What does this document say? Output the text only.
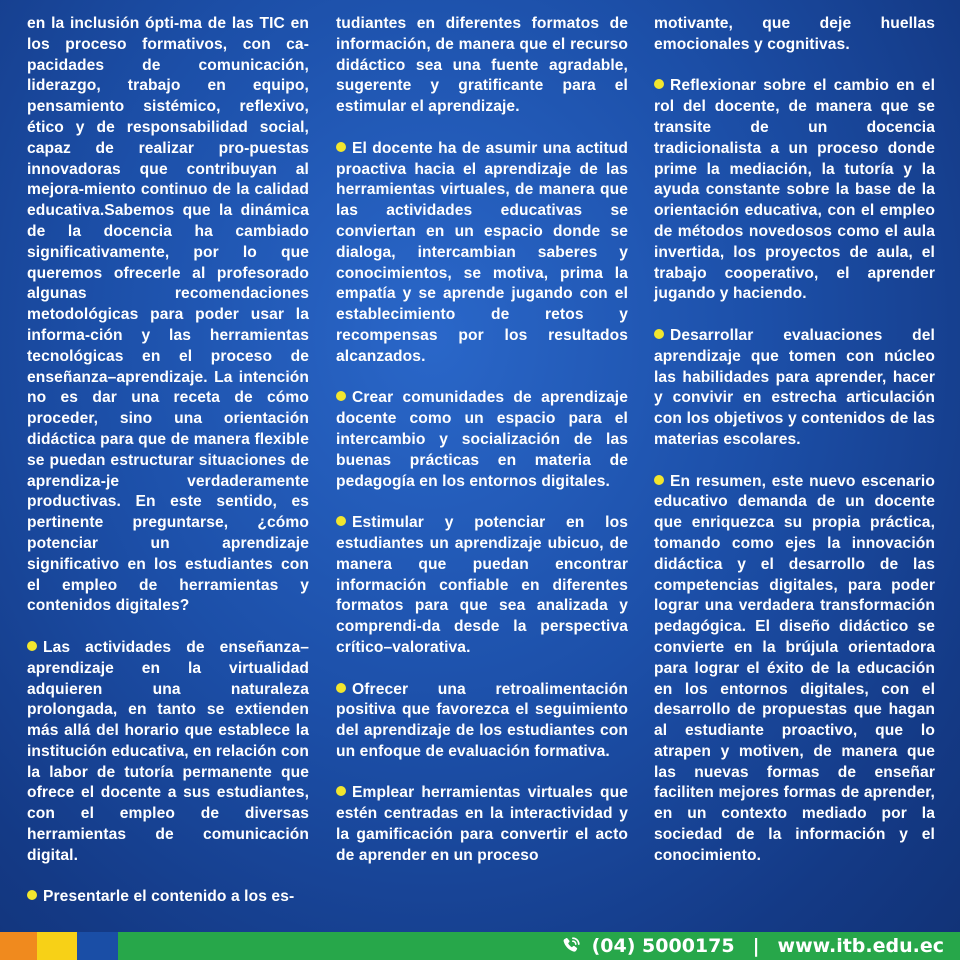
en la inclusión ópti-ma de las TIC en los proceso formativos, con ca-pacidades de comunicación, liderazgo, trabajo en equipo, pensamiento sistémico, reflexivo, ético y de responsabilidad social, capaz de realizar pro-puestas innovadoras que contribuyan al mejora-miento continuo de la calidad educativa.Sabemos que la dinámica de la docencia ha cambiado significativamente, por lo que queremos ofrecerle al profesorado algunas recomendaciones metodológicas para poder usar la informa-ción y las herramientas tecnológicas en el proceso de enseñanza–aprendizaje. La intención no es dar una receta de cómo proceder, sino una orientación didáctica para que de manera flexible se puedan estructurar situaciones de aprendiza-je verdaderamente productivas. En este sentido, es pertinente preguntarse, ¿cómo potenciar un aprendizaje significativo en los estudiantes con el empleo de herramientas y contenidos digitales?

Las actividades de enseñanza–aprendizaje en la virtualidad adquieren una naturaleza prolongada, en tanto se extienden más allá del horario que establece la institución educativa, en relación con la labor de tutoría permanente que ofrece el docente a sus estudiantes, con el empleo de diversas herramientas de comunicación digital.

Presentarle el contenido a los es-

tudiantes en diferentes formatos de información, de manera que el recurso didáctico sea una fuente agradable, sugerente y gratificante para el estimular el aprendizaje.

El docente ha de asumir una actitud proactiva hacia el aprendizaje de las herramientas virtuales, de manera que las actividades educativas se conviertan en un espacio donde se dialoga, intercambian saberes y conocimientos, se motiva, prima la empatía y se aprende jugando con el establecimiento de retos y recompensas por los resultados alcanzados.

Crear comunidades de aprendizaje docente como un espacio para el intercambio y socialización de las buenas prácticas en materia de pedagogía en los entornos digitales.

Estimular y potenciar en los estudiantes un aprendizaje ubicuo, de manera que puedan encontrar información confiable en diferentes formatos para que sea analizada y comprendi-da desde la perspectiva crítico–valorativa.

Ofrecer una retroalimentación positiva que favorezca el seguimiento del aprendizaje de los estudiantes con un enfoque de evaluación formativa.

Emplear herramientas virtuales que estén centradas en la interactividad y la gamificación para convertir el acto de aprender en un proceso

motivante, que deje huellas emocionales y cognitivas.

Reflexionar sobre el cambio en el rol del docente, de manera que se transite de un docencia tradicionalista a un proceso donde prime la mediación, la tutoría y la ayuda constante sobre la base de la orientación educativa, con el empleo de métodos novedosos como el aula invertida, los proyectos de aula, el trabajo cooperativo, el aprender jugando y haciendo.

Desarrollar evaluaciones del aprendizaje que tomen con núcleo las habilidades para aprender, hacer y convivir en estrecha articulación con los objetivos y contenidos de las materias escolares.

En resumen, este nuevo escenario educativo demanda de un docente que enriquezca su propia práctica, tomando como ejes la innovación didáctica y el desarrollo de las competencias digitales, para poder lograr una verdadera transformación pedagógica. El diseño didáctico se convierte en la brújula orientadora para lograr el éxito de la educación en los entornos digitales, con el desarrollo de propuestas que hagan al estudiante proactivo, que lo atrapen y motiven, de manera que las nuevas formas de enseñar faciliten mejores formas de aprender, en un contexto mediado por la sociedad de la información y el conocimiento.

(04) 5000175 | www.itb.edu.ec
